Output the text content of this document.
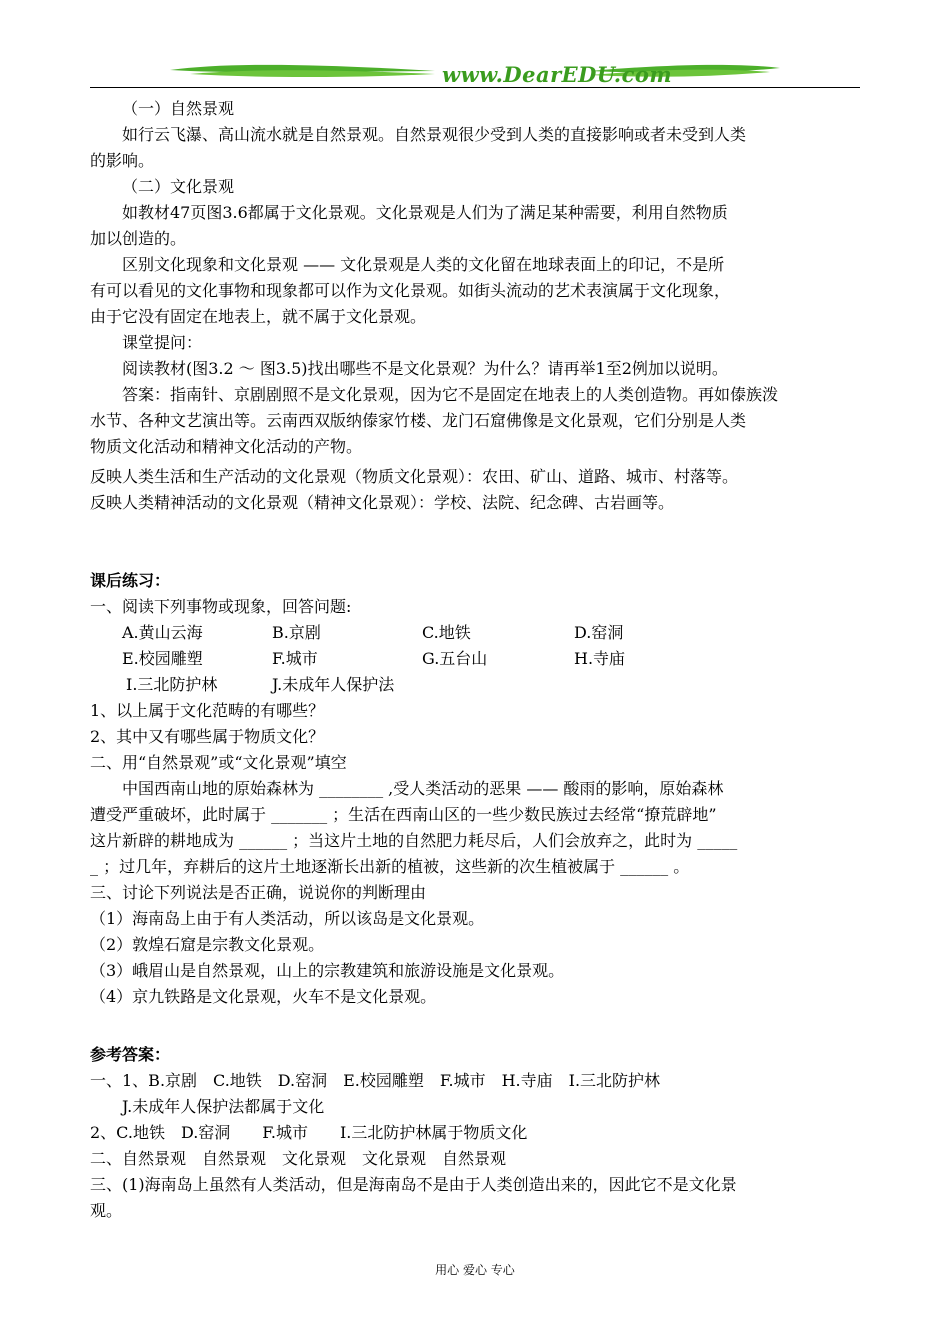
www.DearEDU.com

（一）自然景观

如行云飞瀑、高山流水就是自然景观。自然景观很少受到人类的直接影响或者未受到人类

的影响。

（二）文化景观

如教材47页图3.6都属于文化景观。文化景观是人们为了满足某种需要，利用自然物质

加以创造的。

区别文化现象和文化景观 —— 文化景观是人类的文化留在地球表面上的印记，不是所

有可以看见的文化事物和现象都可以作为文化景观。如街头流动的艺术表演属于文化现象，

由于它没有固定在地表上，就不属于文化景观。

课堂提问：

阅读教材(图3.2 ～ 图3.5)找出哪些不是文化景观？为什么？请再举1至2例加以说明。

答案：指南针、京剧剧照不是文化景观，因为它不是固定在地表上的人类创造物。再如傣族泼

水节、各种文艺演出等。云南西双版纳傣家竹楼、龙门石窟佛像是文化景观，它们分别是人类

物质文化活动和精神文化活动的产物。

反映人类生活和生产活动的文化景观（物质文化景观）：农田、矿山、道路、城市、村落等。

反映人类精神活动的文化景观（精神文化景观）：学校、法院、纪念碑、古岩画等。

课后练习：

一、阅读下列事物或现象，回答问题:

A.黄山云海	B.京剧	C.地铁	D.窑洞
E.校园雕塑	F.城市	G.五台山	H.寺庙
I.三北防护林	J.未成年人保护法

1、以上属于文化范畴的有哪些？

2、其中又有哪些属于物质文化？

二、用“自然景观”或“文化景观”填空

中国西南山地的原始森林为 ________ ,受人类活动的恶果 —— 酸雨的影响，原始森林

遭受严重破坏，此时属于 _______ ；生活在西南山区的一些少数民族过去经常“撩荒辟地”

这片新辟的耕地成为 ______ ；当这片土地的自然肥力耗尽后，人们会放弃之，此时为 _____

_ ；过几年，弃耕后的这片土地逐渐长出新的植被，这些新的次生植被属于 ______ 。

三、讨论下列说法是否正确，说说你的判断理由

（1）海南岛上由于有人类活动，所以该岛是文化景观。

（2）敦煌石窟是宗教文化景观。

（3）峨眉山是自然景观，山上的宗教建筑和旅游设施是文化景观。

（4）京九铁路是文化景观，火车不是文化景观。

参考答案：

一、1、B.京剧　C.地铁　D.窑洞　E.校园雕塑　F.城市　H.寺庙　I.三北防护林

J.未成年人保护法都属于文化

2、C.地铁　D.窑洞　　F.城市　　I.三北防护林属于物质文化

二、自然景观　自然景观　文化景观　文化景观　自然景观

三、(1)海南岛上虽然有人类活动，但是海南岛不是由于人类创造出来的，因此它不是文化景

观。

用心 爱心 专心
